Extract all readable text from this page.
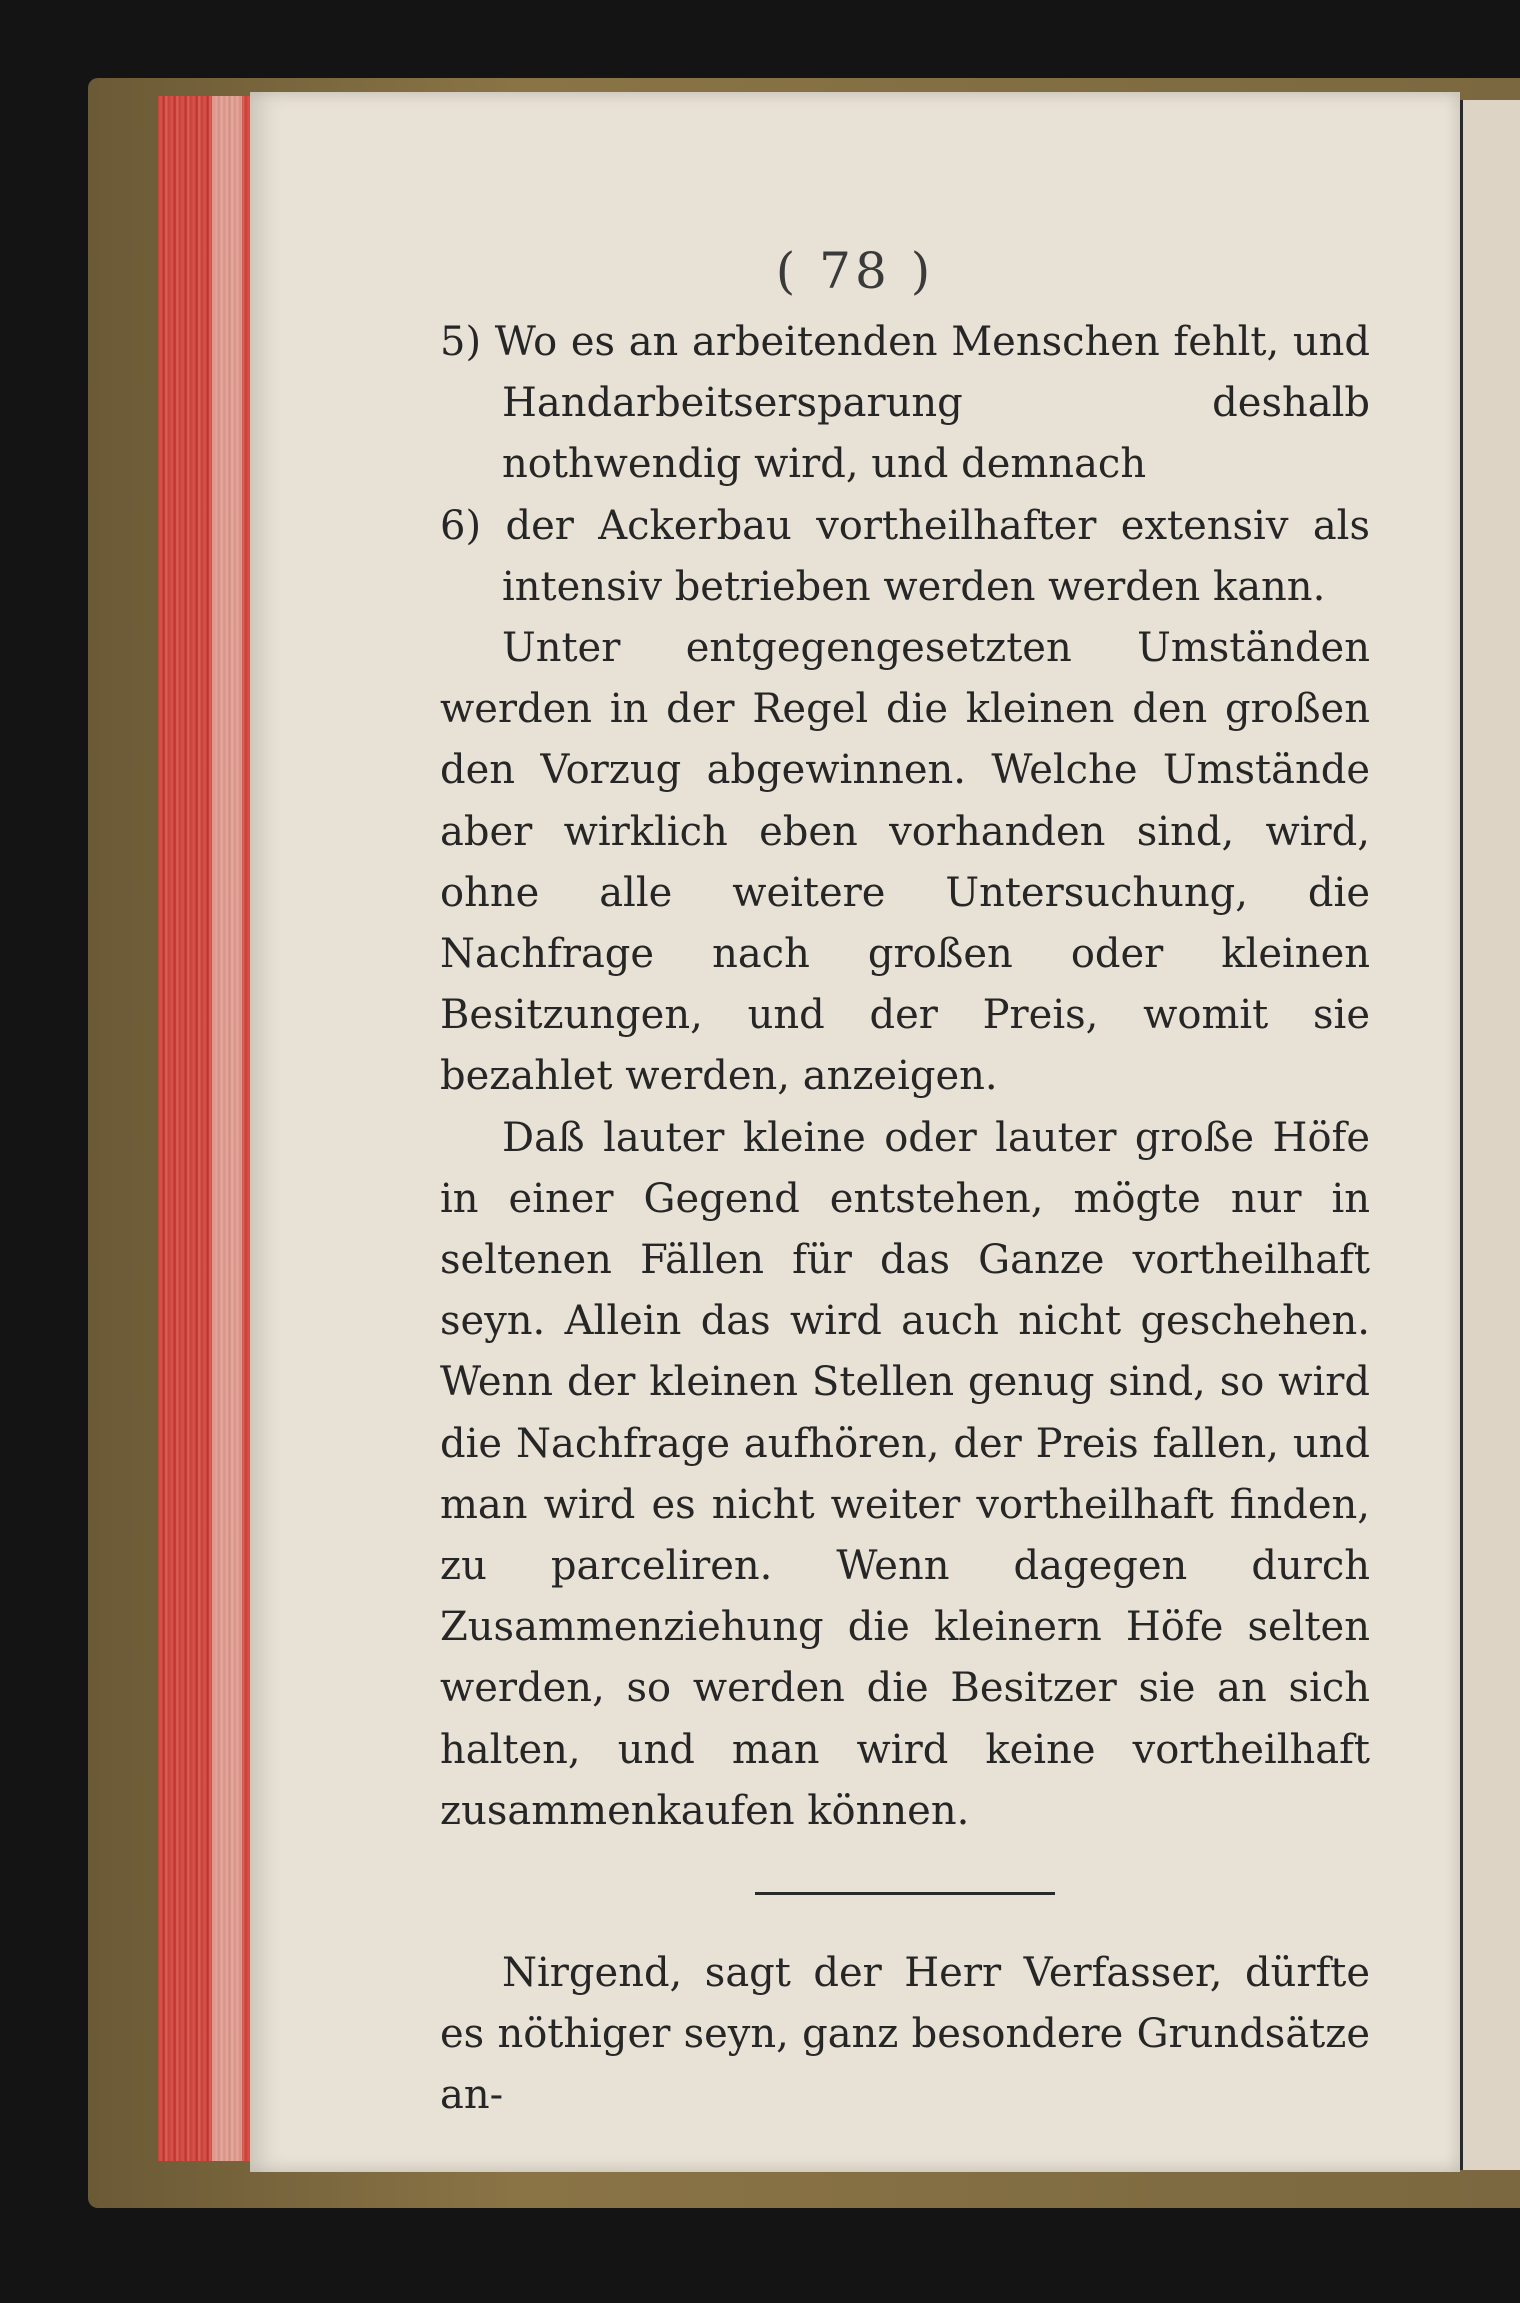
( 78 )

5) Wo es an arbeitenden Menschen fehlt, und Handarbeitsersparung deshalb nothwendig wird, und demnach

6) der Ackerbau vortheilhafter extensiv als intensiv betrieben werden werden kann.

Unter entgegengesetzten Umständen werden in der Regel die kleinen den großen den Vorzug abgewinnen. Welche Umstände aber wirklich eben vorhanden sind, wird, ohne alle weitere Untersuchung, die Nachfrage nach großen oder kleinen Besitzungen, und der Preis, womit sie bezahlet werden, anzeigen.

Daß lauter kleine oder lauter große Höfe in einer Gegend entstehen, mögte nur in seltenen Fällen für das Ganze vortheilhaft seyn. Allein das wird auch nicht geschehen. Wenn der kleinen Stellen genug sind, so wird die Nachfrage aufhören, der Preis fallen, und man wird es nicht weiter vortheilhaft finden, zu parceliren. Wenn dagegen durch Zusammenziehung die kleinern Höfe selten werden, so werden die Besitzer sie an sich halten, und man wird keine vortheilhaft zusammenkaufen können.

Nirgend, sagt der Herr Verfasser, dürfte es nöthiger seyn, ganz besondere Grundsätze an-
